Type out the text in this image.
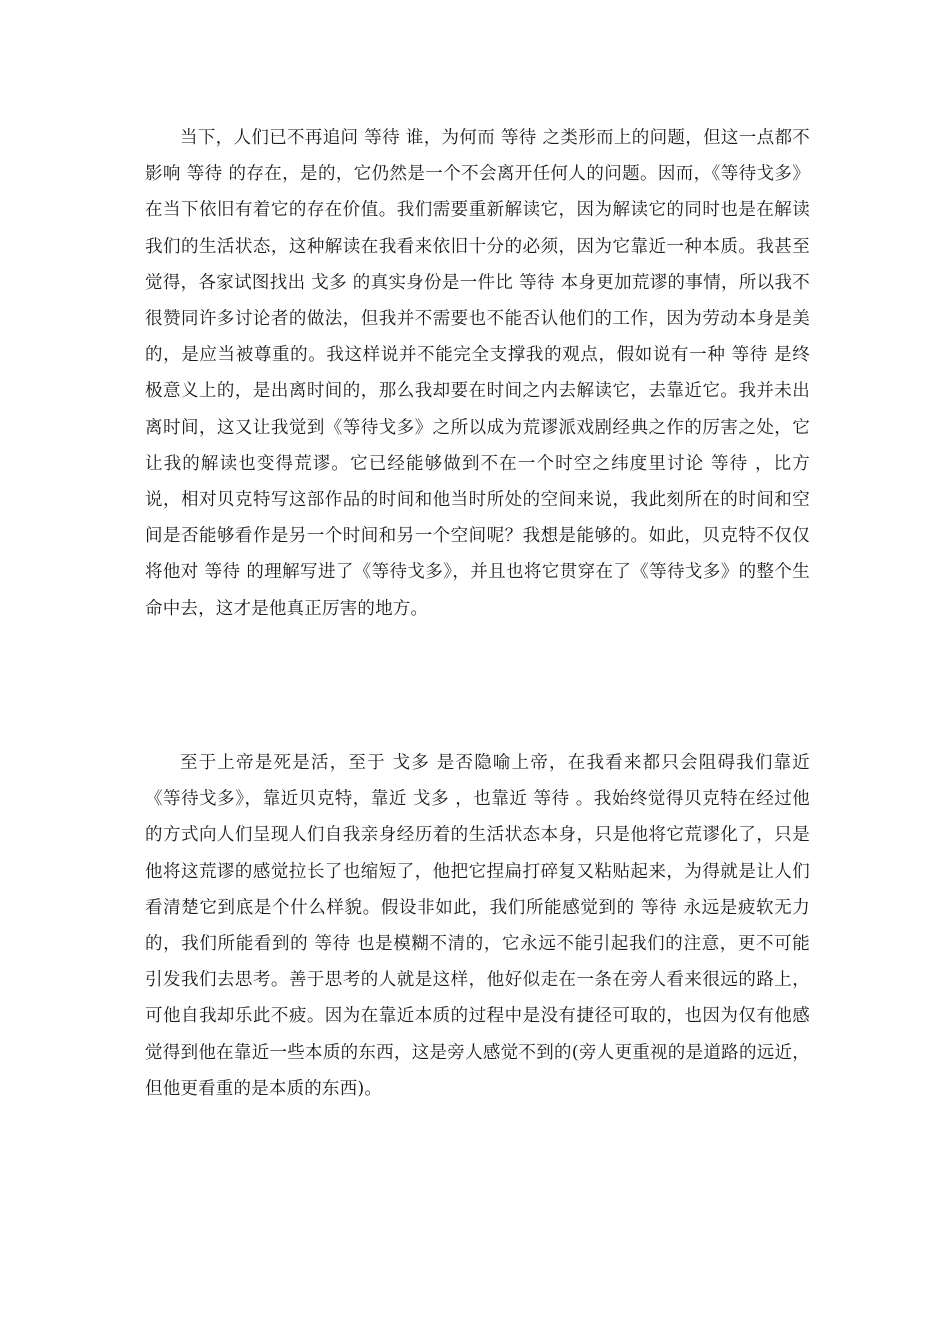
当下，人们已不再追问 等待 谁，为何而 等待 之类形而上的问题，但这一点都不影响 等待 的存在，是的，它仍然是一个不会离开任何人的问题。因而，《等待戈多》在当下依旧有着它的存在价值。我们需要重新解读它，因为解读它的同时也是在解读我们的生活状态，这种解读在我看来依旧十分的必须，因为它靠近一种本质。我甚至觉得，各家试图找出 戈多 的真实身份是一件比 等待 本身更加荒谬的事情，所以我不很赞同许多讨论者的做法，但我并不需要也不能否认他们的工作，因为劳动本身是美的，是应当被尊重的。我这样说并不能完全支撑我的观点，假如说有一种 等待 是终极意义上的，是出离时间的，那么我却要在时间之内去解读它，去靠近它。我并未出离时间，这又让我觉到《等待戈多》之所以成为荒谬派戏剧经典之作的厉害之处，它让我的解读也变得荒谬。它已经能够做到不在一个时空之纬度里讨论 等待 ，比方说，相对贝克特写这部作品的时间和他当时所处的空间来说，我此刻所在的时间和空间是否能够看作是另一个时间和另一个空间呢？我想是能够的。如此，贝克特不仅仅将他对 等待 的理解写进了《等待戈多》，并且也将它贯穿在了《等待戈多》的整个生命中去，这才是他真正厉害的地方。

至于上帝是死是活，至于 戈多 是否隐喻上帝，在我看来都只会阻碍我们靠近《等待戈多》，靠近贝克特，靠近 戈多 ，也靠近 等待 。我始终觉得贝克特在经过他的方式向人们呈现人们自我亲身经历着的生活状态本身，只是他将它荒谬化了，只是他将这荒谬的感觉拉长了也缩短了，他把它捏扁打碎复又粘贴起来，为得就是让人们看清楚它到底是个什么样貌。假设非如此，我们所能感觉到的 等待 永远是疲软无力的，我们所能看到的 等待 也是模糊不清的，它永远不能引起我们的注意，更不可能引发我们去思考。善于思考的人就是这样，他好似走在一条在旁人看来很远的路上，可他自我却乐此不疲。因为在靠近本质的过程中是没有捷径可取的，也因为仅有他感觉得到他在靠近一些本质的东西，这是旁人感觉不到的(旁人更重视的是道路的远近，但他更看重的是本质的东西)。
